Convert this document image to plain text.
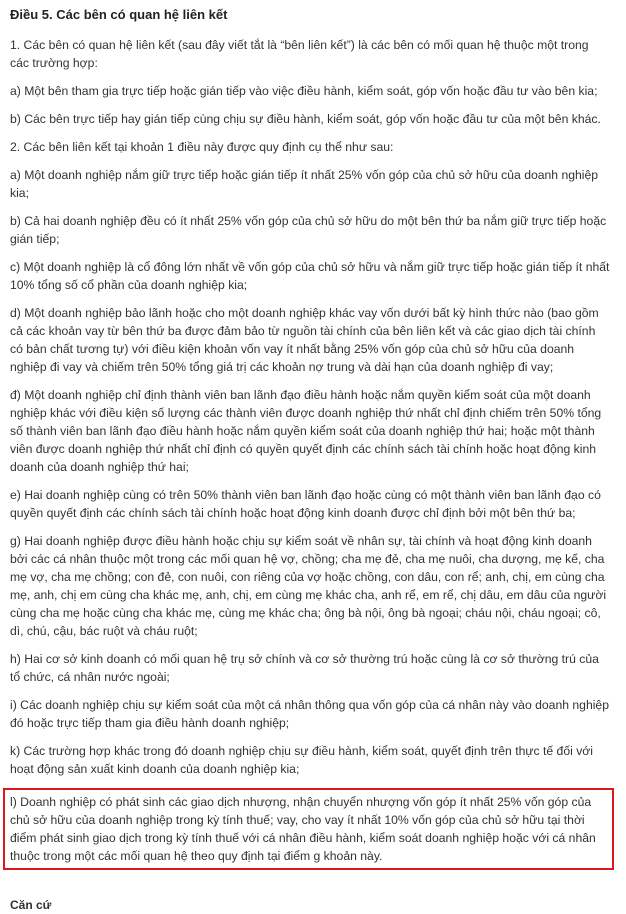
Điều 5. Các bên có quan hệ liên kết

1. Các bên có quan hệ liên kết (sau đây viết tắt là “bên liên kết”) là các bên có mối quan hệ thuộc một trong các trường hợp:

a) Một bên tham gia trực tiếp hoặc gián tiếp vào việc điều hành, kiểm soát, góp vốn hoặc đầu tư vào bên kia;

b) Các bên trực tiếp hay gián tiếp cùng chịu sự điều hành, kiểm soát, góp vốn hoặc đầu tư của một bên khác.

2. Các bên liên kết tại khoản 1 điều này được quy định cụ thể như sau:

a) Một doanh nghiệp nắm giữ trực tiếp hoặc gián tiếp ít nhất 25% vốn góp của chủ sở hữu của doanh nghiệp kia;

b) Cả hai doanh nghiệp đều có ít nhất 25% vốn góp của chủ sở hữu do một bên thứ ba nắm giữ trực tiếp hoặc gián tiếp;

c) Một doanh nghiệp là cổ đông lớn nhất về vốn góp của chủ sở hữu và nắm giữ trực tiếp hoặc gián tiếp ít nhất 10% tổng số cổ phần của doanh nghiệp kia;

d) Một doanh nghiệp bảo lãnh hoặc cho một doanh nghiệp khác vay vốn dưới bất kỳ hình thức nào (bao gồm cả các khoản vay từ bên thứ ba được đảm bảo từ nguồn tài chính của bên liên kết và các giao dịch tài chính có bản chất tương tự) với điều kiện khoản vốn vay ít nhất bằng 25% vốn góp của chủ sở hữu của doanh nghiệp đi vay và chiếm trên 50% tổng giá trị các khoản nợ trung và dài hạn của doanh nghiệp đi vay;

đ) Một doanh nghiệp chỉ định thành viên ban lãnh đạo điều hành hoặc nắm quyền kiểm soát của một doanh nghiệp khác với điều kiện số lượng các thành viên được doanh nghiệp thứ nhất chỉ định chiếm trên 50% tổng số thành viên ban lãnh đạo điều hành hoặc nắm quyền kiểm soát của doanh nghiệp thứ hai; hoặc một thành viên được doanh nghiệp thứ nhất chỉ định có quyền quyết định các chính sách tài chính hoặc hoạt động kinh doanh của doanh nghiệp thứ hai;

e) Hai doanh nghiệp cùng có trên 50% thành viên ban lãnh đạo hoặc cùng có một thành viên ban lãnh đạo có quyền quyết định các chính sách tài chính hoặc hoạt động kinh doanh được chỉ định bởi một bên thứ ba;

g) Hai doanh nghiệp được điều hành hoặc chịu sự kiểm soát về nhân sự, tài chính và hoạt động kinh doanh bởi các cá nhân thuộc một trong các mối quan hệ vợ, chồng; cha mẹ đẻ, cha mẹ nuôi, cha dượng, mẹ kế, cha mẹ vợ, cha mẹ chồng; con đẻ, con nuôi, con riêng của vợ hoặc chồng, con dâu, con rể; anh, chị, em cùng cha mẹ, anh, chị em cùng cha khác mẹ, anh, chị, em cùng mẹ khác cha, anh rể, em rể, chị dâu, em dâu của người cùng cha mẹ hoặc cùng cha khác mẹ, cùng mẹ khác cha; ông bà nội, ông bà ngoại; cháu nội, cháu ngoại; cô, dì, chú, cậu, bác ruột và cháu ruột;

h) Hai cơ sở kinh doanh có mối quan hệ trụ sở chính và cơ sở thường trú hoặc cùng là cơ sở thường trú của tổ chức, cá nhân nước ngoài;

i) Các doanh nghiệp chịu sự kiểm soát của một cá nhân thông qua vốn góp của cá nhân này vào doanh nghiệp đó hoặc trực tiếp tham gia điều hành doanh nghiệp;

k) Các trường hợp khác trong đó doanh nghiệp chịu sự điều hành, kiểm soát, quyết định trên thực tế đối với hoạt động sản xuất kinh doanh của doanh nghiệp kia;

l) Doanh nghiệp có phát sinh các giao dịch nhượng, nhận chuyển nhượng vốn góp ít nhất 25% vốn góp của chủ sở hữu của doanh nghiệp trong kỳ tính thuế; vay, cho vay ít nhất 10% vốn góp của chủ sở hữu tại thời điểm phát sinh giao dịch trong kỳ tính thuế với cá nhân điều hành, kiểm soát doanh nghiệp hoặc với cá nhân thuộc trong một các mối quan hệ theo quy định tại điểm g khoản này.

Căn cứ
